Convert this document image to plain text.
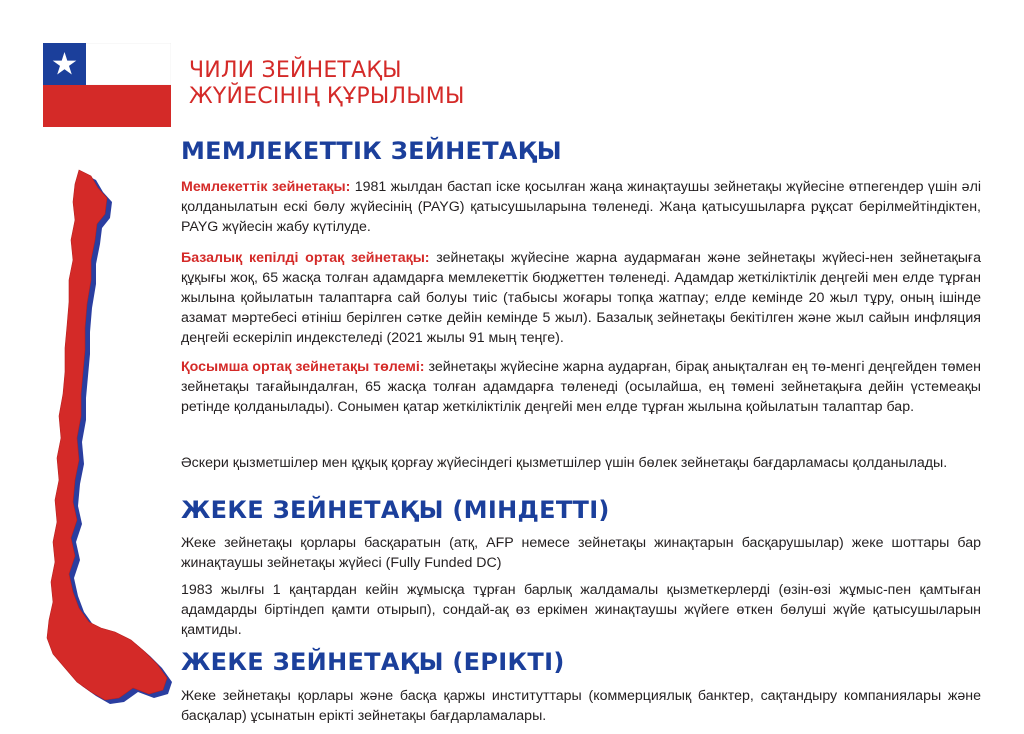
ЧИЛИ ЗЕЙНЕТАҚЫ
ЖҮЙЕСІНІҢ ҚҰРЫЛЫМЫ
МЕМЛЕКЕТТІК ЗЕЙНЕТАҚЫ
Мемлекеттік зейнетақы: 1981 жылдан бастап іске қосылған жаңа жинақтаушы зейнетақы жүйесіне өтпегендер үшін әлі қолданылатын ескі бөлу жүйесінің (PAYG) қатысушыларына төленеді. Жаңа қатысушыларға рұқсат берілмейтіндіктен, PAYG жүйесін жабу күтілуде.
Базалық кепілді ортақ зейнетақы: зейнетақы жүйесіне жарна аудармаған және зейнетақы жүйесі-нен зейнетақыға құқығы жоқ, 65 жасқа толған адамдарға мемлекеттік бюджеттен төленеді. Адамдар жеткіліктілік деңгейі мен елде тұрған жылына қойылатын талаптарға сай болуы тиіс (табысы жоғары топқа жатпау; елде кемінде 20 жыл тұру, оның ішінде азамат мәртебесі өтініш берілген сәтке дейін кемінде 5 жыл). Базалық зейнетақы бекітілген және жыл сайын инфляция деңгейі ескеріліп индекстеледі (2021 жылы 91 мың теңге).
Қосымша ортақ зейнетақы төлемі: зейнетақы жүйесіне жарна аударған, бірақ анықталған ең тө-менгі деңгейден төмен зейнетақы тағайындалған, 65 жасқа толған адамдарға төленеді (осылайша, ең төмені зейнетақыға дейін үстемеақы ретінде қолданылады). Сонымен қатар жеткіліктілік деңгейі мен елде тұрған жылына қойылатын талаптар бар.
Әскери қызметшілер мен құқық қорғау жүйесіндегі қызметшілер үшін бөлек зейнетақы бағдарламасы қолданылады.
ЖЕКЕ ЗЕЙНЕТАҚЫ (МІНДЕТТІ)
Жеке зейнетақы қорлары басқаратын (атқ, AFP немесе зейнетақы жинақтарын басқарушылар) жеке шоттары бар жинақтаушы зейнетақы жүйесі (Fully Funded DC)
1983 жылғы 1 қаңтардан кейін жұмысқа тұрған барлық жалдамалы қызметкерлерді (өзін-өзі жұмыс-пен қамтыған адамдарды біртіндеп қамти отырып), сондай-ақ өз еркімен жинақтаушы жүйеге өткен бөлуші жүйе қатысушыларын қамтиды.
ЖЕКЕ ЗЕЙНЕТАҚЫ (ЕРІКТІ)
Жеке зейнетақы қорлары және басқа қаржы институттары (коммерциялық банктер, сақтандыру компаниялары және басқалар) ұсынатын ерікті зейнетақы бағдарламалары.
